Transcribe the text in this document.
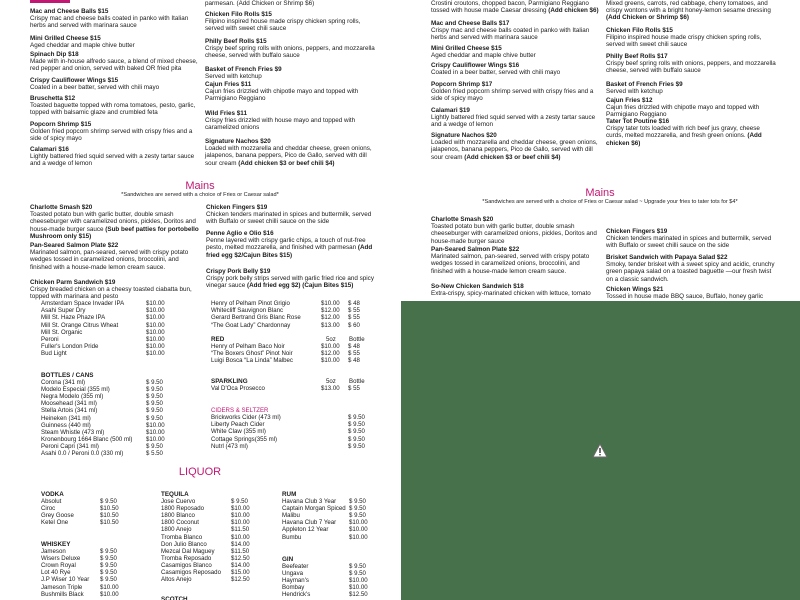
Mac and Cheese Balls $15
Crispy mac and cheese balls coated in panko with Italian herbs and served with marinara sauce
Mini Grilled Cheese $15
Aged cheddar and maple chive butter
Spinach Dip $18
Made with in-house alfredo sauce, a blend of mixed cheese, red pepper and onion, served with baked OR fried pita
Crispy Cauliflower Wings $15
Coated in a beer batter, served with chili mayo
Bruschetta $12
Toasted baguette topped with roma tomatoes, pesto, garlic, topped with balsamic glaze and crumbled feta
Popcorn Shrimp $15
Golden fried popcorn shrimp served with crispy fries and a side of spicy mayo
Calamari $16
Lightly battered fried squid served with a zesty tartar sauce and a wedge of lemon
parmesan. (Add Chicken or Shrimp $6)
Chicken Filo Rolls $15
Filipino inspired house made crispy chicken spring rolls, served with sweet chili sauce
Philly Beef Rolls $15
Crispy beef spring rolls with onions, peppers, and mozzarella cheese, served with buffalo sauce
Basket of French Fries $9
Served with ketchup
Cajun Fries $11
Cajun fries drizzled with chipotle mayo and topped with Parmigiano Reggiano
Wild Fries $11
Crispy fries drizzled with house mayo and topped with caramelized onions
Signature Nachos $20
Loaded with mozzarella and cheddar cheese, green onions, jalapenos, banana peppers, Pico de Gallo, served with dill sour cream (Add chicken $3 or beef chili $4)
Mains
*Sandwiches are served with a choice of Fries or Caesar salad*
Charlotte Smash $20
Toasted potato bun with garlic butter, double smash cheeseburger with caramelized onions, pickles, Doritos and house-made burger sauce (Sub beef patties for portobello Mushroom only $15)
Pan-Seared Salmon Plate $22
Marinated salmon, pan-seared, served with crispy potato wedges tossed in caramelized onions, broccolini, and finished with a house-made lemon cream sauce.
Chicken Parm Sandwich $19
Crispy breaded chicken on a cheesy toasted ciabatta bun, topped with marinara and pesto
Chicken Fingers $19
Chicken tenders marinated in spices and buttermilk, served with Buffalo or sweet chilli sauce on the side
Penne Aglio e Olio $16
Penne layered with crispy garlic chips, a touch of nut-free pesto, melted mozzarella, and finished with parmesan (Add fried egg $2/Cajun Bites $15)
Crispy Pork Belly $19
Crispy pork belly strips served with garlic fried rice and spicy vinegar sauce (Add fried egg $2) (Cajun Bites $15)
Amsterdam Space Invader IPA	$10.00
Asahi Super Dry	$10.00
Mill St. Haze Phaze IPA	$10.00
Mill St. Orange Citrus Wheat	$10.00
Mill St. Organic	$10.00
Peroni	$10.00
Fuller's London Pride	$10.00
Bud Light	$10.00
BOTTLES / CANS
Corona (341 ml)	$ 9.50
Modelo Especial (355 ml)	$ 9.50
Negra Modelo (355 ml)	$ 9.50
Moosehead (341 ml)	$ 9.50
Stella Artois (341 ml)	$ 9.50
Heineken (341 ml)	$ 9.50
Guinness (440 ml)	$10.00
Steam Whistle (473 ml)	$10.00
Kronenbourg 1664 Blanc (500 ml) $10.00
Peroni Capri (341 ml)	$ 9.50
Asahi 0.0 / Peroni 0.0 (330 ml)	$ 5.50
Henry of Pelham Pinot Grigio	$10.00 $ 48
Whitecliff Sauvignon Blanc	$12.00 $ 55
Gerard Bertrand Gris Blanc Rose	$12.00 $ 55
“The Goat Lady” Chardonnay	$13.00 $ 60
RED	5oz Bottle
Henry of Pelham Baco Noir	$10.00 $ 48
“The Boxers Ghost” Pinot Noir	$12.00 $ 55
Luigi Bosca “La Linda” Malbec	$10.00 $ 48
SPARKLING	5oz Bottle
Val D'Oca Prosecco	$13.00 $ 55
CIDERS & SELTZER
Brickworks Cider (473 ml)	$ 9.50
Liberty Peach Cider	$ 9.50
White Claw (355 ml)	$ 9.50
Cottage Springs(355 ml)	$ 9.50
Nutrl (473 ml)	$ 9.50
LIQUOR
VODKA
Absolut	$ 9.50
Ciroc	$10.50
Grey Goose	$10.50
Ketel One	$10.50
WHISKEY
Jameson	$ 9.50
Wisers Deluxe	$ 9.50
Crown Royal	$ 9.50
Lot 40 Rye	$ 9.50
J.P Wiser 10 Year $ 9.50
Jameson Triple	$10.00
Bushmills Black	$10.00
TEQUILA
Jose Cuervo	$ 9.50
1800 Reposado	$10.00
1800 Blanco	$10.00
1800 Coconut	$10.00
1800 Anejo	$11.50
Tromba Blanco	$10.00
Don Julio Blanco	$14.00
Mezcal Dal Maguey	$11.50
Tromba Reposado	$12.50
Casamigos Blanco	$14.00
Casamigos Reposado $15.00
Altos Anejo	$12.50
SCOTCH
RUM
Havana Club 3 Year $ 9.50
Captain Morgan Spiced $ 9.50
Malibu	$ 9.50
Havana Club 7 Year $10.00
Appleton 12 Year	$10.00
Bumbu	$10.00
GIN
Beefeater	$ 9.50
Ungava	$ 9.50
Hayman's	$10.00
Bombay	$10.00
Hendrick's	$12.50
Crostini croutons, chopped bacon, Parmigiano Reggiano tossed with house made Caesar dressing (Add chicken $6)
Mac and Cheese Balls $17
Crispy mac and cheese balls coated in panko with Italian herbs and served with marinara sauce
Mini Grilled Cheese $15
Aged cheddar and maple chive butter
Crispy Cauliflower Wings $16
Coated in a beer batter, served with chili mayo
Popcorn Shrimp $17
Golden fried popcorn shrimp served with crispy fries and a side of spicy mayo
Calamari $19
Lightly battered fried squid served with a zesty tartar sauce and a wedge of lemon
Signature Nachos $20
Loaded with mozzarella and cheddar cheese, green onions, jalapenos, banana peppers, Pico de Gallo, served with dill sour cream (Add chicken $3 or beef chili $4)
Mixed greens, carrots, red cabbage, cherry tomatoes, and crispy wontons with a bright honey-lemon sesame dressing (Add Chicken or Shrimp $6)
Chicken Filo Rolls $15
Filipino inspired house made crispy chicken spring rolls, served with sweet chili sauce
Philly Beef Rolls $17
Crispy beef spring rolls with onions, peppers, and mozzarella cheese, served with buffalo sauce
Basket of French Fries $9
Served with ketchup
Cajun Fries $12
Cajun fries drizzled with chipotle mayo and topped with Parmigiano Reggiano
Tater Tot Poutine $16
Crispy tater tots loaded with rich beef jus gravy, cheese curds, melted mozzarella, and fresh green onions. (Add chicken $6)
Mains
*Sandwiches are served with a choice of Fries or Caesar salad ~ Upgrade your fries to tater tots for $4*
Charlotte Smash $20
Toasted potato bun with garlic butter, double smash cheeseburger with caramelized onions, pickles, Doritos and house-made burger sauce
Pan-Seared Salmon Plate $22
Marinated salmon, pan-seared, served with crispy potato wedges tossed in caramelized onions, broccolini, and finished with a house-made lemon cream sauce.
So-New Chicken Sandwich $18
Extra-crispy, spicy-marinated chicken with lettuce, tomato
Chicken Fingers $19
Chicken tenders marinated in spices and buttermilk, served with Buffalo or sweet chilli sauce on the side
Brisket Sandwich with Papaya Salad $22
Smoky, tender brisket with a sweet spicy and acidic, crunchy green papaya salad on a toasted baguette —our fresh twist on a classic sandwich.
Chicken Wings $21
Tossed in house made BBQ sauce, Buffalo, honey garlic
